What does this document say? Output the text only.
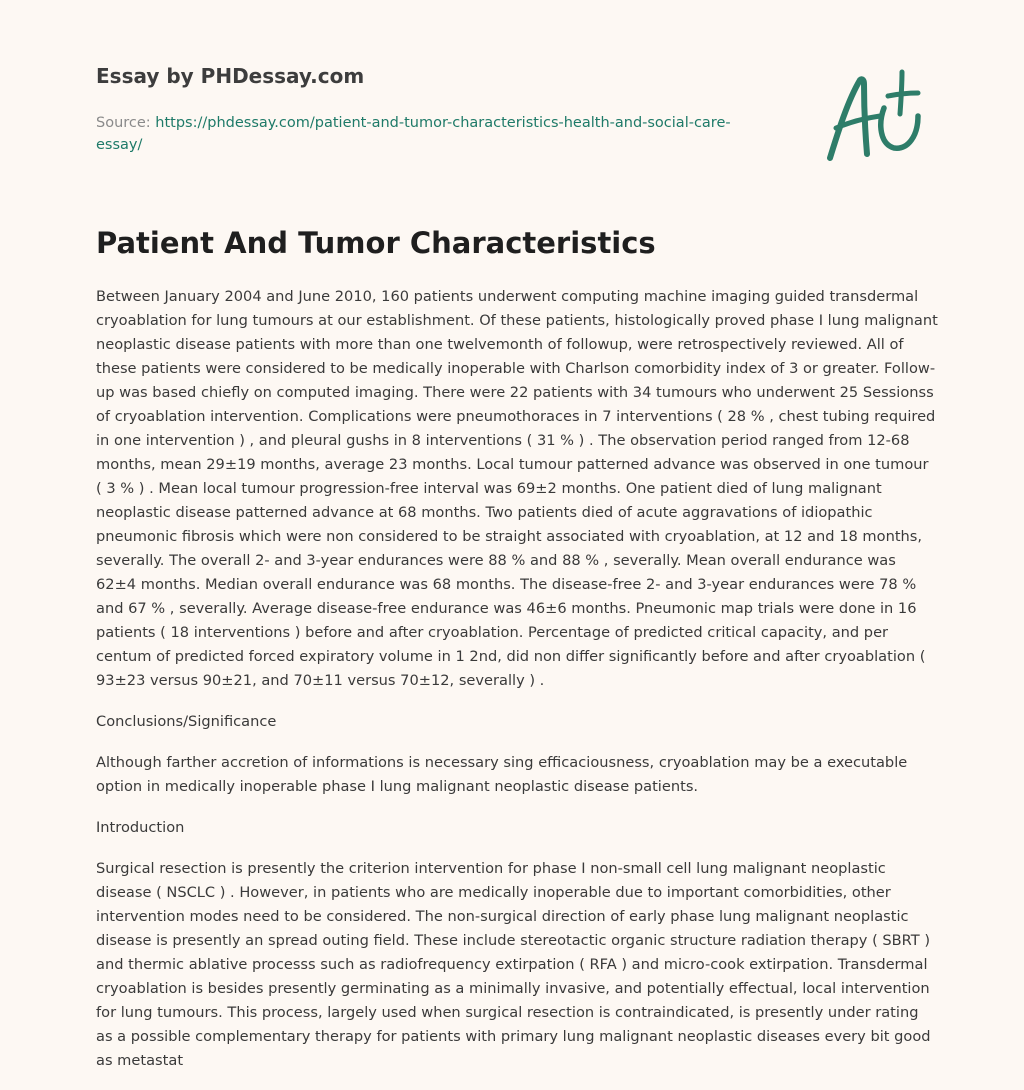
Essay by PHDessay.com
Source: https://phdessay.com/patient-and-tumor-characteristics-health-and-social-care-essay/
Patient And Tumor Characteristics

Between January 2004 and June 2010, 160 patients underwent computing machine imaging guided transdermal cryoablation for lung tumours at our establishment. Of these patients, histologically proved phase I lung malignant neoplastic disease patients with more than one twelvemonth of followup, were retrospectively reviewed. All of these patients were considered to be medically inoperable with Charlson comorbidity index of 3 or greater. Follow-up was based chiefly on computed imaging. There were 22 patients with 34 tumours who underwent 25 Sessionss of cryoablation intervention. Complications were pneumothoraces in 7 interventions ( 28 % , chest tubing required in one intervention ) , and pleural gushs in 8 interventions ( 31 % ) . The observation period ranged from 12-68 months, mean 29±19 months, average 23 months. Local tumour patterned advance was observed in one tumour ( 3 % ) . Mean local tumour progression-free interval was 69±2 months. One patient died of lung malignant neoplastic disease patterned advance at 68 months. Two patients died of acute aggravations of idiopathic pneumonic fibrosis which were non considered to be straight associated with cryoablation, at 12 and 18 months, severally. The overall 2- and 3-year endurances were 88 % and 88 % , severally. Mean overall endurance was 62±4 months. Median overall endurance was 68 months. The disease-free 2- and 3-year endurances were 78 % and 67 % , severally. Average disease-free endurance was 46±6 months. Pneumonic map trials were done in 16 patients ( 18 interventions ) before and after cryoablation. Percentage of predicted critical capacity, and per centum of predicted forced expiratory volume in 1 2nd, did non differ significantly before and after cryoablation ( 93±23 versus 90±21, and 70±11 versus 70±12, severally ) .

Conclusions/Significance

Although farther accretion of informations is necessary sing efficaciousness, cryoablation may be a executable option in medically inoperable phase I lung malignant neoplastic disease patients.

Introduction

Surgical resection is presently the criterion intervention for phase I non-small cell lung malignant neoplastic disease ( NSCLC ) . However, in patients who are medically inoperable due to important comorbidities, other intervention modes need to be considered. The non-surgical direction of early phase lung malignant neoplastic disease is presently an spread outing field. These include stereotactic organic structure radiation therapy ( SBRT ) and thermic ablative processs such as radiofrequency extirpation ( RFA ) and micro-cook extirpation. Transdermal cryoablation is besides presently germinating as a minimally invasive, and potentially effectual, local intervention for lung tumours. This process, largely used when surgical resection is contraindicated, is presently under rating as a possible complementary therapy for patients with primary lung malignant neoplastic diseases every bit good as metastat
